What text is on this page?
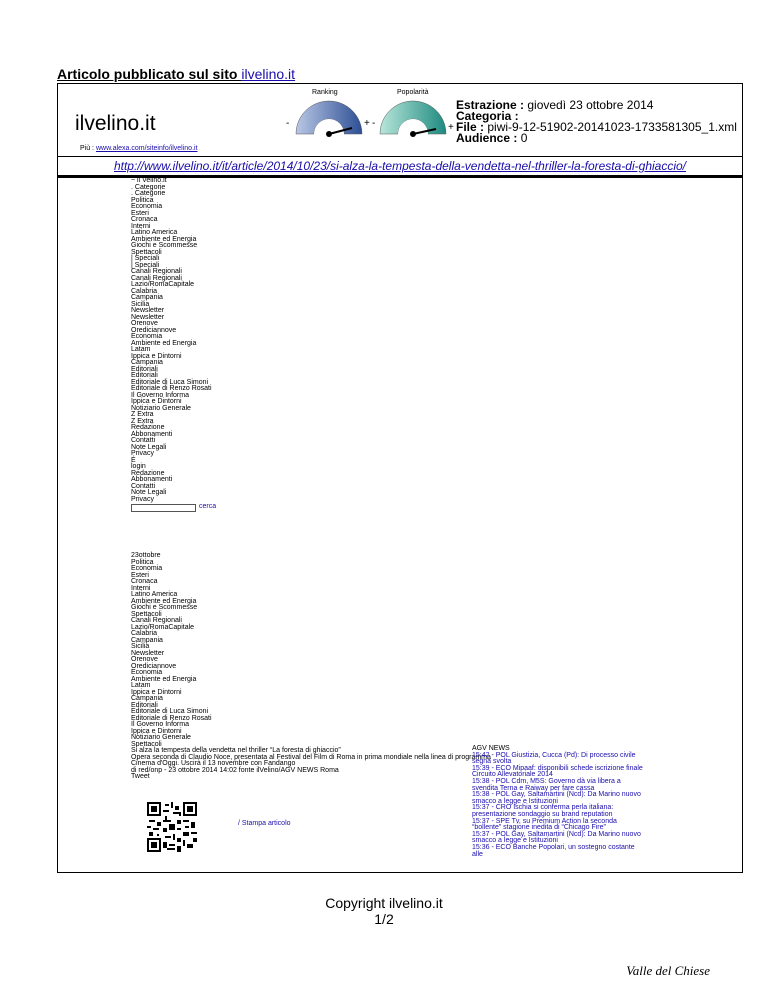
Articolo pubblicato sul sito ilvelino.it
ilvelino.it
Più : www.alexa.com/siteinfo/ilvelino.it
Ranking	Popolarità
-	+ -	+
Estrazione : giovedì 23 ottobre 2014
Categoria :
File : piwi-9-12-51902-20141023-1733581305_1.xml
Audience : 0
http://www.ilvelino.it/it/article/2014/10/23/si-alza-la-tempesta-della-vendetta-nel-thriller-la-foresta-di-ghiaccio/
~ il Velino.it
. Categorie
. Categorie
Politica
Economia
Esteri
Cronaca
Interni
Latino America
Ambiente ed Energia
Giochi e Scommesse
Spettacoli
| Speciali
| Speciali
Canali Regionali
Canali Regionali
Lazio/RomaCapitale
Calabria
Campania
Sicilia
Newsletter
Newsletter
Orenove
Orediciannove
Economia
Ambiente ed Energia
Latam
Ippica e Dintorni
Campania
Editoriali
Editoriali
Editoriale di Luca Simoni
Editoriale di Renzo Rosati
Il Governo Informa
Ippica e Dintorni
Notiziario Generale
Z Extra
Z Extra
Redazione
Abbonamenti
Contatti
Note Legali
Privacy
É
login
Redazione
Abbonamenti
Contatti
Note Legali
Privacy
cerca
23ottobre
Politica
Economia
Esteri
Cronaca
Interni
Latino America
Ambiente ed Energia
Giochi e Scommesse
Spettacoli
Canali Regionali
Lazio/RomaCapitale
Calabria
Campania
Sicilia
Newsletter
Orenove
Orediciannove
Economia
Ambiente ed Energia
Latam
Ippica e Dintorni
Campania
Editoriali
Editoriale di Luca Simoni
Editoriale di Renzo Rosati
Il Governo Informa
Ippica e Dintorni
Notiziario Generale
Spettacoli
Si alza la tempesta della vendetta nel thriller “La foresta di ghiaccio”
Opera seconda di Claudio Noce, presentata al Festival del Film di Roma in prima mondiale nella linea di programma
Cinema d'Oggi. Uscirà il 13 novembre con Fandango
di red/onp - 23 ottobre 2014 14:02 fonte ilVelino/AGV NEWS Roma
Tweet
AGV NEWS
15:42 - POL Giustizia, Cucca (Pd): Di processo civile segna svolta
15:39 - ECO Mipaaf: disponibili schede iscrizione finale Circuito Allevatoriale 2014
15:38 - POL Cdm, M5S: Governo dà via libera a svendita Terna e Raiway per fare cassa
15:38 - POL Gay, Saltamartini (Ncd): Da Marino nuovo smacco a legge e Istituzioni
15:37 - CRO Ischia si conferma perla italiana: presentazione sondaggio su brand reputation
15:37 - SPE Tv, su Premium Action la seconda “bollente” stagione inedita di “Chicago Fire”
15:37 - POL Gay, Saltamartini (Ncd): Da Marino nuovo smacco a legge e Istituzioni
15:36 - ECO Banche Popolari, un sostegno costante alle
/ Stampa articolo
Copyright ilvelino.it
1/2
Valle del Chiese
